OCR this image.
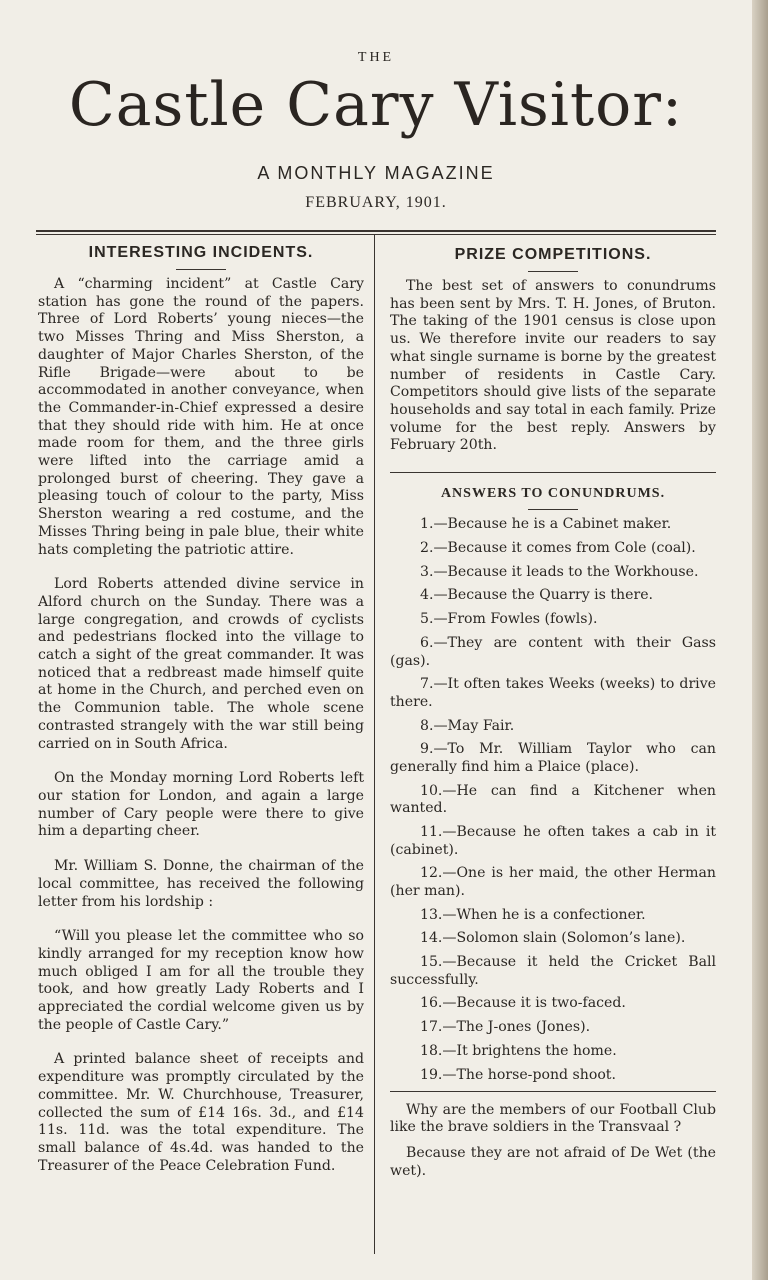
THE
Castle Cary Visitor:
A MONTHLY MAGAZINE
FEBRUARY, 1901.
INTERESTING INCIDENTS.

A “charming incident” at Castle Cary station has gone the round of the papers. Three of Lord Roberts’ young nieces—the two Misses Thring and Miss Sherston, a daughter of Major Charles Sherston, of the Rifle Brigade—were about to be accommodated in another conveyance, when the Commander-in-Chief expressed a desire that they should ride with him. He at once made room for them, and the three girls were lifted into the carriage amid a prolonged burst of cheering. They gave a pleasing touch of colour to the party, Miss Sherston wearing a red costume, and the Misses Thring being in pale blue, their white hats completing the patriotic attire.

Lord Roberts attended divine service in Alford church on the Sunday. There was a large congregation, and crowds of cyclists and pedestrians flocked into the village to catch a sight of the great commander. It was noticed that a redbreast made himself quite at home in the Church, and perched even on the Communion table. The whole scene contrasted strangely with the war still being carried on in South Africa.

On the Monday morning Lord Roberts left our station for London, and again a large number of Cary people were there to give him a departing cheer.

Mr. William S. Donne, the chairman of the local committee, has received the following letter from his lordship :

“Will you please let the committee who so kindly arranged for my reception know how much obliged I am for all the trouble they took, and how greatly Lady Roberts and I appreciated the cordial welcome given us by the people of Castle Cary.”

A printed balance sheet of receipts and expenditure was promptly circulated by the committee. Mr. W. Churchhouse, Treasurer, collected the sum of £14 16s. 3d., and £14 11s. 11d. was the total expenditure. The small balance of 4s.4d. was handed to the Treasurer of the Peace Celebration Fund.

PRIZE COMPETITIONS.

The best set of answers to conundrums has been sent by Mrs. T. H. Jones, of Bruton. The taking of the 1901 census is close upon us. We therefore invite our readers to say what single surname is borne by the greatest number of residents in Castle Cary. Competitors should give lists of the separate households and say total in each family. Prize volume for the best reply. Answers by February 20th.

ANSWERS TO CONUNDRUMS.
1.—Because he is a Cabinet maker.
2.—Because it comes from Cole (coal).
3.—Because it leads to the Workhouse.
4.—Because the Quarry is there.
5.—From Fowles (fowls).
6.—They are content with their Gass (gas).
7.—It often takes Weeks (weeks) to drive there.
8.—May Fair.
9.—To Mr. William Taylor who can generally find him a Plaice (place).
10.—He can find a Kitchener when wanted.
11.—Because he often takes a cab in it (cabinet).
12.—One is her maid, the other Herman (her man).
13.—When he is a confectioner.
14.—Solomon slain (Solomon’s lane).
15.—Because it held the Cricket Ball successfully.
16.—Because it is two-faced.
17.—The J-ones (Jones).
18.—It brightens the home.
19.—The horse-pond shoot.

Why are the members of our Football Club like the brave soldiers in the Transvaal ?

Because they are not afraid of De Wet (the wet).
